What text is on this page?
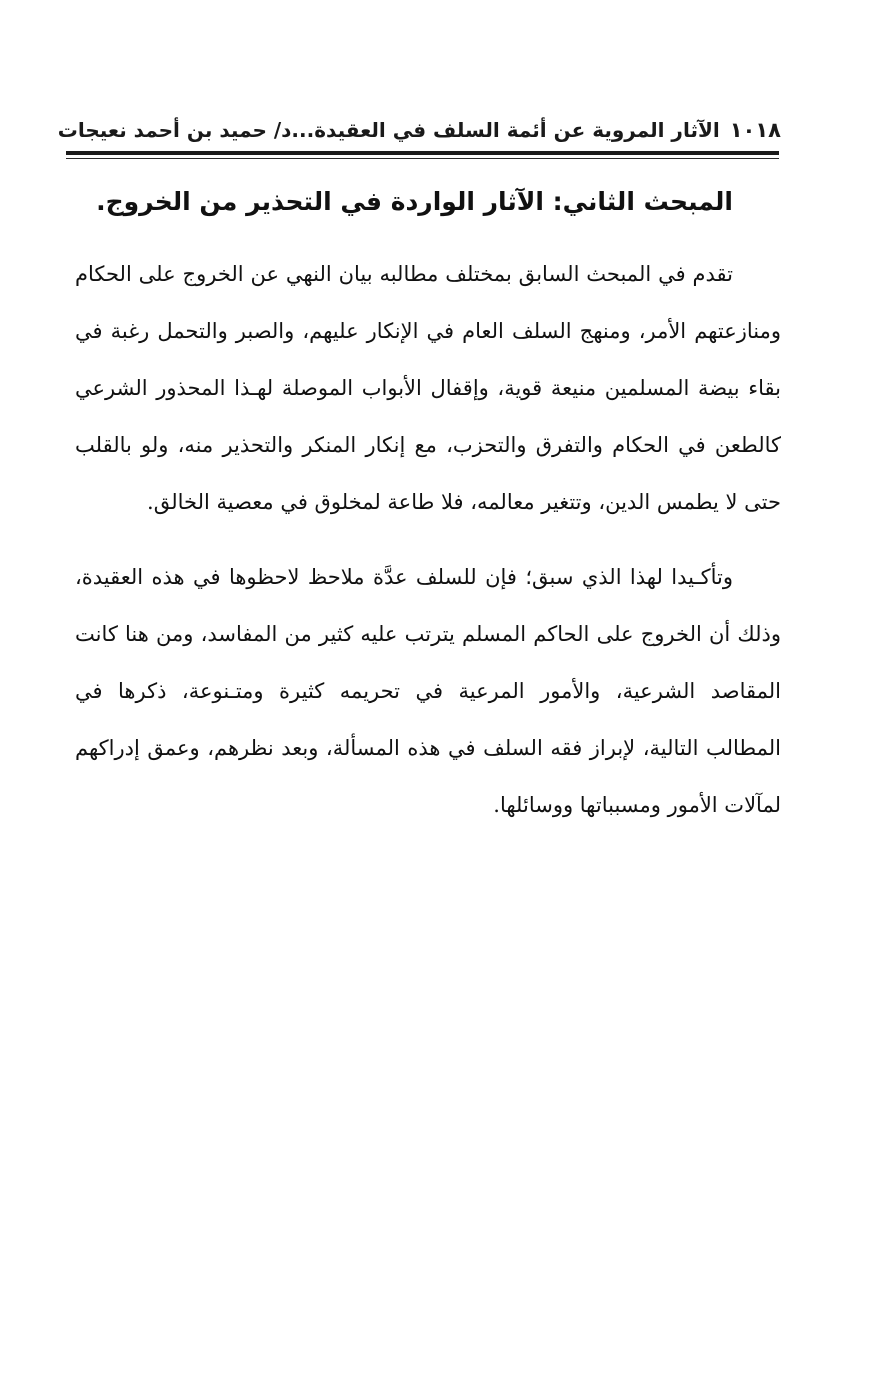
١٠١٨
الآثار المروية عن أئمة السلف في العقيدة...د/ حميد بن أحمد نعيجات
المبحث الثاني: الآثار الواردة في التحذير من الخروج.

تقدم في المبحث السابق بمختلف مطالبه بيان النهي عن الخروج على الحكام ومنازعتهم الأمر، ومنهج السلف العام في الإنكار عليهم، والصبر والتحمل رغبة في بقاء بيضة المسلمين منيعة قوية، وإقفال الأبواب الموصلة لهـذا المحذور الشرعي كالطعن في الحكام والتفرق والتحزب، مع إنكار المنكر والتحذير منه، ولو بالقلب حتى لا يطمس الدين، وتتغير معالمه، فلا طاعة لمخلوق في معصية الخالق.

وتأكـيدا لهذا الذي سبق؛ فإن للسلف عدَّة ملاحظ لاحظوها في هذه العقيدة، وذلك أن الخروج على الحاكم المسلم يترتب عليه كثير من المفاسد، ومن هنا كانت المقاصد الشرعية، والأمور المرعية في تحريمه كثيرة ومتـنوعة، ذكرها في المطالب التالية، لإبراز فقه السلف في هذه المسألة، وبعد نظرهم، وعمق إدراكهم لمآلات الأمور ومسبباتها ووسائلها.
